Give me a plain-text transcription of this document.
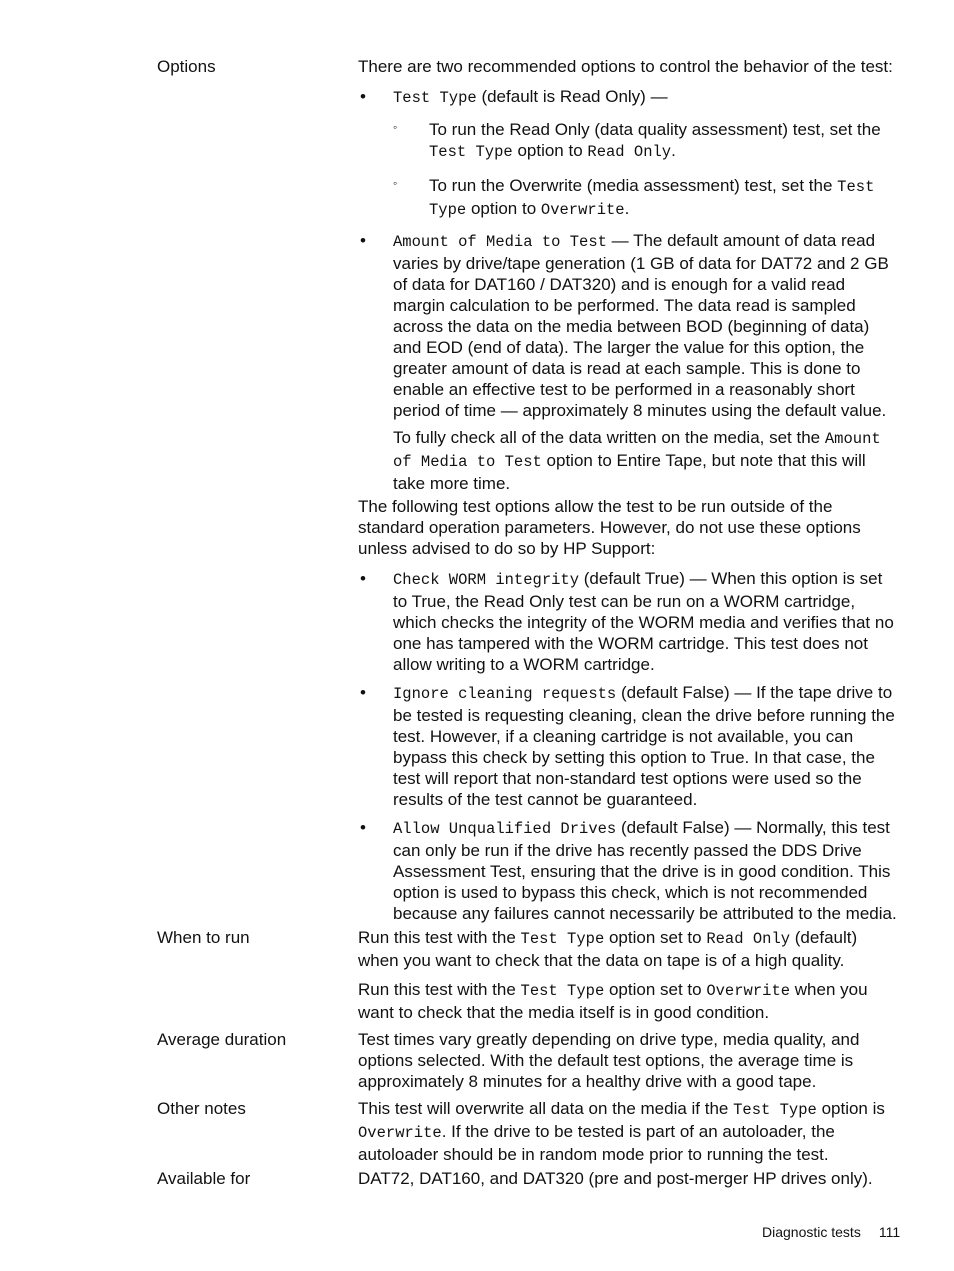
Options	There are two recommended options to control the behavior of the test:

• Test Type (default is Read Only) —
◦ To run the Read Only (data quality assessment) test, set the Test Type option to Read Only.
◦ To run the Overwrite (media assessment) test, set the Test Type option to Overwrite.
• Amount of Media to Test — The default amount of data read varies by drive/tape generation (1 GB of data for DAT72 and 2 GB of data for DAT160 / DAT320) and is enough for a valid read margin calculation to be performed. The data read is sampled across the data on the media between BOD (beginning of data) and EOD (end of data). The larger the value for this option, the greater amount of data is read at each sample. This is done to enable an effective test to be performed in a reasonably short period of time — approximately 8 minutes using the default value.

To fully check all of the data written on the media, set the Amount of Media to Test option to Entire Tape, but note that this will take more time.

The following test options allow the test to be run outside of the standard operation parameters. However, do not use these options unless advised to do so by HP Support:

• Check WORM integrity (default True) — When this option is set to True, the Read Only test can be run on a WORM cartridge, which checks the integrity of the WORM media and verifies that no one has tampered with the WORM cartridge. This test does not allow writing to a WORM cartridge.
• Ignore cleaning requests (default False) — If the tape drive to be tested is requesting cleaning, clean the drive before running the test. However, if a cleaning cartridge is not available, you can bypass this check by setting this option to True. In that case, the test will report that non-standard test options were used so the results of the test cannot be guaranteed.
• Allow Unqualified Drives (default False) — Normally, this test can only be run if the drive has recently passed the DDS Drive Assessment Test, ensuring that the drive is in good condition. This option is used to bypass this check, which is not recommended because any failures cannot necessarily be attributed to the media.
When to run	Run this test with the Test Type option set to Read Only (default) when you want to check that the data on tape is of a high quality.

Run this test with the Test Type option set to Overwrite when you want to check that the media itself is in good condition.

Average duration	Test times vary greatly depending on drive type, media quality, and options selected. With the default test options, the average time is approximately 8 minutes for a healthy drive with a good tape.
Other notes	This test will overwrite all data on the media if the Test Type option is Overwrite. If the drive to be tested is part of an autoloader, the autoloader should be in random mode prior to running the test.
Available for	DAT72, DAT160, and DAT320 (pre and post-merger HP drives only).
Diagnostic tests 111
